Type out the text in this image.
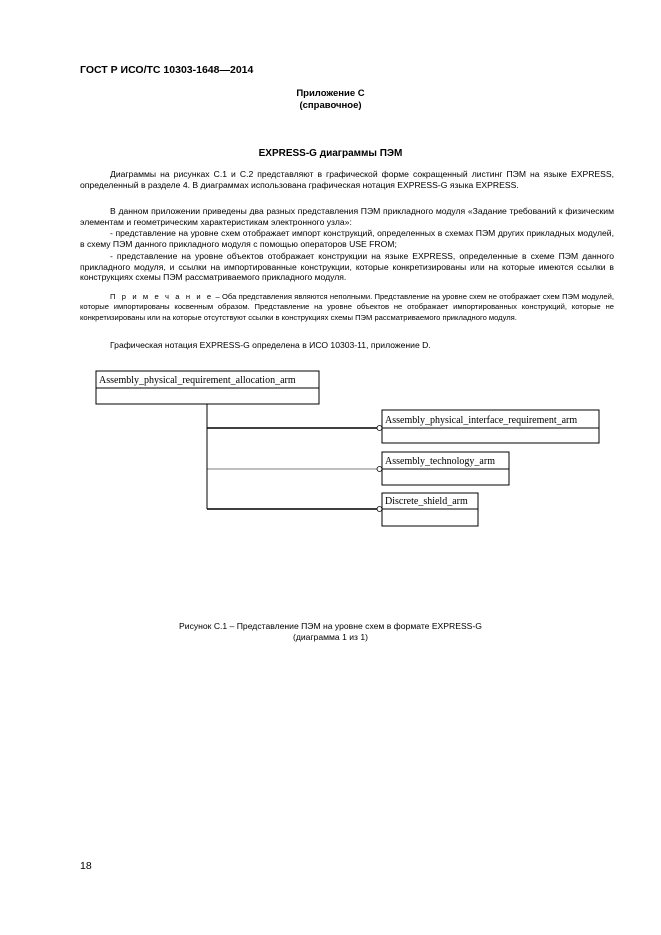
ГОСТ Р ИСО/ТС 10303-1648—2014
Приложение C
(справочное)
EXPRESS-G диаграммы ПЭМ

Диаграммы на рисунках C.1 и C.2 представляют в графической форме сокращенный листинг ПЭМ на языке EXPRESS, определенный в разделе 4. В диаграммах использована графическая нотация EXPRESS-G языка EXPRESS.

В данном приложении приведены два разных представления ПЭМ прикладного модуля «Задание требований к физическим элементам и геометрическим характеристикам электронного узла»:

- представление на уровне схем отображает импорт конструкций, определенных в схемах ПЭМ других прикладных модулей, в схему ПЭМ данного прикладного модуля с помощью операторов USE FROM;

- представление на уровне объектов отображает конструкции на языке EXPRESS, определенные в схеме ПЭМ данного прикладного модуля, и ссылки на импортированные конструкции, которые конкретизированы или на которые имеются ссылки в конструкциях схемы ПЭМ рассматриваемого прикладного модуля.

П р и м е ч а н и е – Оба представления являются неполными. Представление на уровне схем не отображает схем ПЭМ модулей, которые импортированы косвенным образом. Представление на уровне объектов не отображает импортированных конструкций, которые не конкретизированы или на которые отсутствуют ссылки в конструкциях схемы ПЭМ рассматриваемого прикладного модуля.

Графическая нотация EXPRESS-G определена в ИСО 10303-11, приложение D.

Assembly_physical_requirement_allocation_arm
Assembly_physical_interface_requirement_arm
Assembly_technology_arm
Discrete_shield_arm
Рисунок C.1 – Представление ПЭМ на уровне схем в формате EXPRESS-G
(диаграмма 1 из 1)
18
